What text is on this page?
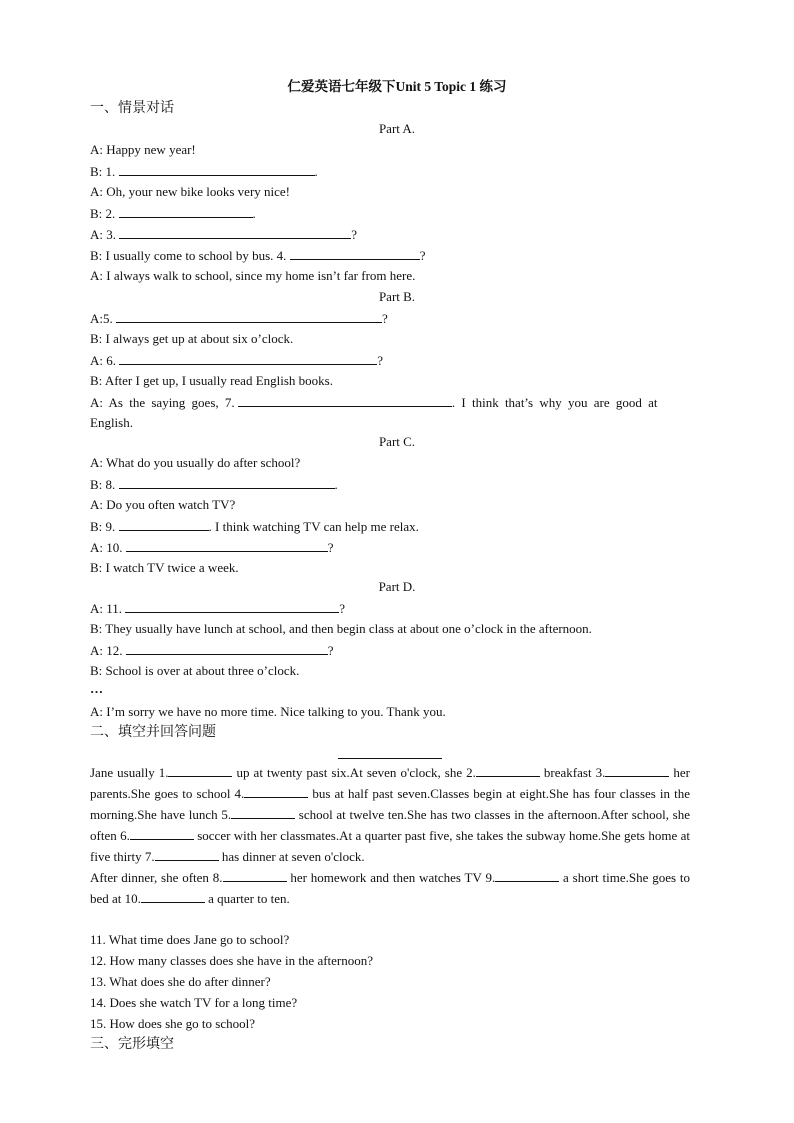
仁爱英语七年级下Unit 5 Topic 1 练习
一、情景对话
Part A.
A: Happy new year!
B: 1.	.
A: Oh, your new bike looks very nice!
B: 2.	.
A: 3.	?
B: I usually come to school by bus. 4.	?
A: I always walk to school, since my home isn’t far from here.
Part B.
A:5.	?
B: I always get up at about six o’clock.
A: 6.	?
B: After I get up, I usually read English books.
A: As the saying goes, 7.	. I think that’s why you are good at
English.
Part C.
A: What do you usually do after school?
B: 8.	.
A: Do you often watch TV?
B: 9.	. I think watching TV can help me relax.
A: 10.	?
B: I watch TV twice a week.
Part D.
A: 11.	?
B: They usually have lunch at school, and then begin class at about one o’clock in the afternoon.
A: 12.	?
B: School is over at about three o’clock.
…
A: I’m sorry we have no more time. Nice talking to you. Thank you.
二、填空并回答问题
Jane usually 1.	up at twenty past six.At seven o'clock, she 2.	breakfast 3.	her parents.She goes to school 4.	bus at half past seven.Classes begin at eight.She has four classes in the morning.She have lunch 5.	school at twelve ten.She has two classes in the afternoon.After school, she often 6.	soccer with her classmates.At a quarter past five, she takes the subway home.She gets home at five thirty 7.	has dinner at seven o'clock.
After dinner, she often 8.	her homework and then watches TV 9.	a short time.She goes to bed at 10.	a quarter to ten.
11. What time does Jane go to school?
12. How many classes does she have in the afternoon?
13. What does she do after dinner?
14. Does she watch TV for a long time?
15. How does she go to school?
三、完形填空
